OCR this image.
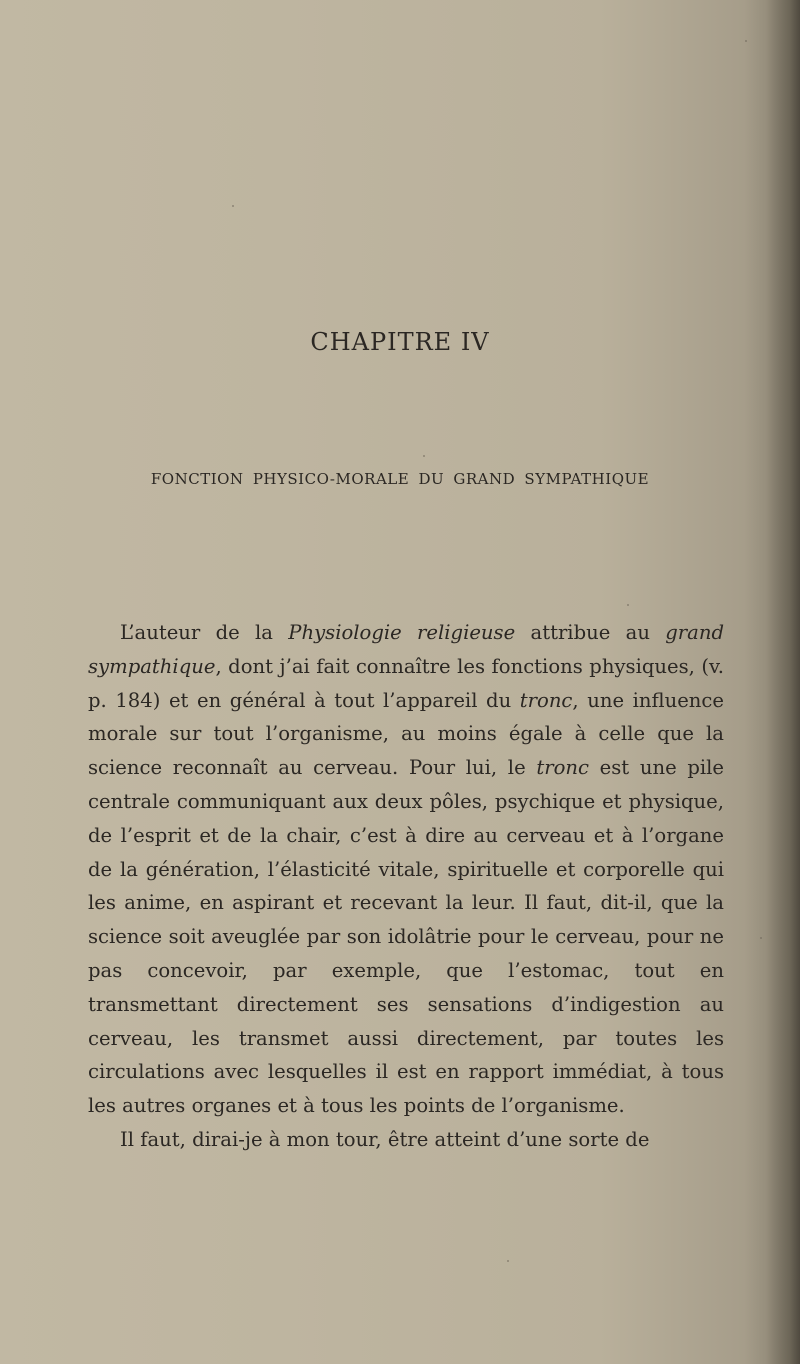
CHAPITRE IV
FONCTION PHYSICO-MORALE DU GRAND SYMPATHIQUE

L’auteur de la Physiologie religieuse attribue au grand sympathique, dont j’ai fait connaître les fonctions physiques, (v. p. 184) et en général à tout l’appareil du tronc, une influence morale sur tout l’organisme, au moins égale à celle que la science reconnaît au cerveau. Pour lui, le tronc est une pile centrale communiquant aux deux pôles, psychique et physique, de l’esprit et de la chair, c’est à dire au cerveau et à l’organe de la génération, l’élasticité vitale, spirituelle et corporelle qui les anime, en aspirant et recevant la leur. Il faut, dit-il, que la science soit aveuglée par son idolâtrie pour le cerveau, pour ne pas concevoir, par exemple, que l’estomac, tout en transmettant directement ses sensations d’indigestion au cerveau, les transmet aussi directement, par toutes les circulations avec lesquelles il est en rapport immédiat, à tous les autres organes et à tous les points de l’organisme.

Il faut, dirai-je à mon tour, être atteint d’une sorte de
